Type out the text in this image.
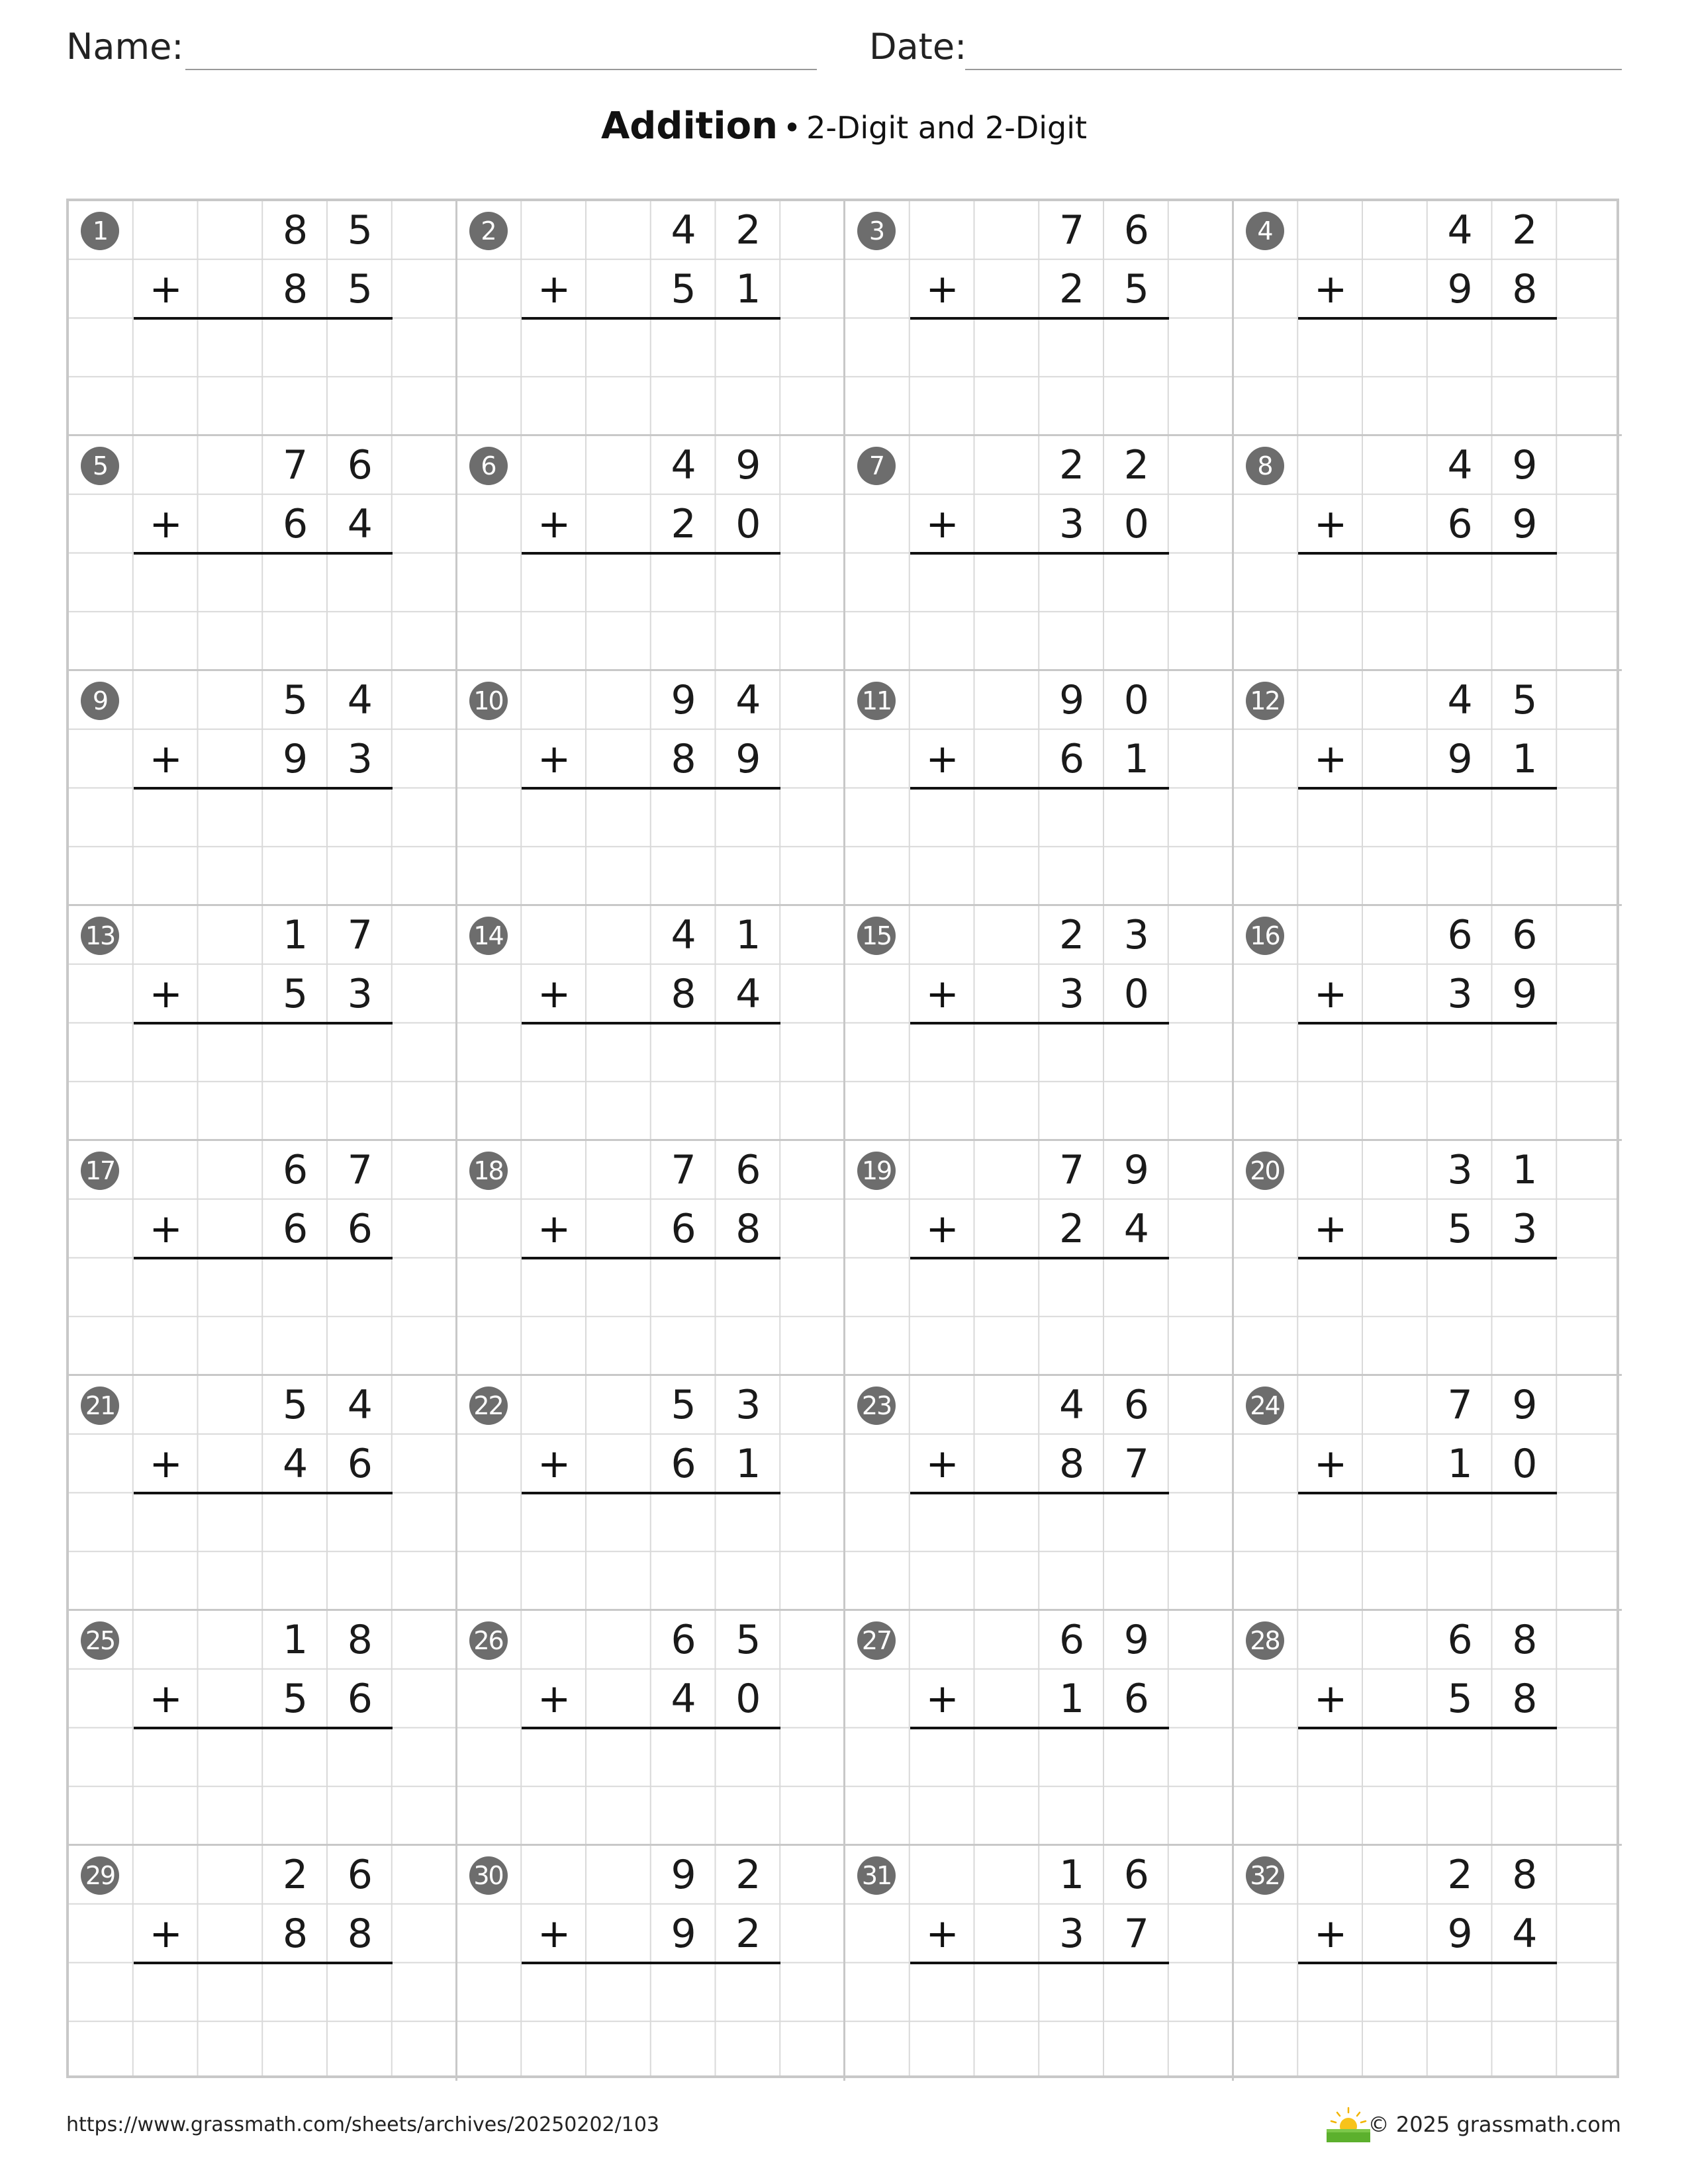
Name:	Date:
Addition • 2-Digit and 2-Digit
1	8 5
+	8 5
2	4 2
+	5 1
3	7 6
+	2 5
4	4 2
+	9 8
5	7 6
+	6 4
6	4 9
+	2 0
7	2 2
+	3 0
8	4 9
+	6 9
9	5 4
+	9 3
10	9 4
+	8 9
11	9 0
+	6 1
12	4 5
+	9 1
13	1 7
+	5 3
14	4 1
+	8 4
15	2 3
+	3 0
16	6 6
+	3 9
17	6 7
+	6 6
18	7 6
+	6 8
19	7 9
+	2 4
20	3 1
+	5 3
21	5 4
+	4 6
22	5 3
+	6 1
23	4 6
+	8 7
24	7 9
+	1 0
25	1 8
+	5 6
26	6 5
+	4 0
27	6 9
+	1 6
28	6 8
+	5 8
29	2 6
+	8 8
30	9 2
+	9 2
31	1 6
+	3 7
32	2 8
+	9 4
https://www.grassmath.com/sheets/archives/20250202/103	© 2025 grassmath.com
